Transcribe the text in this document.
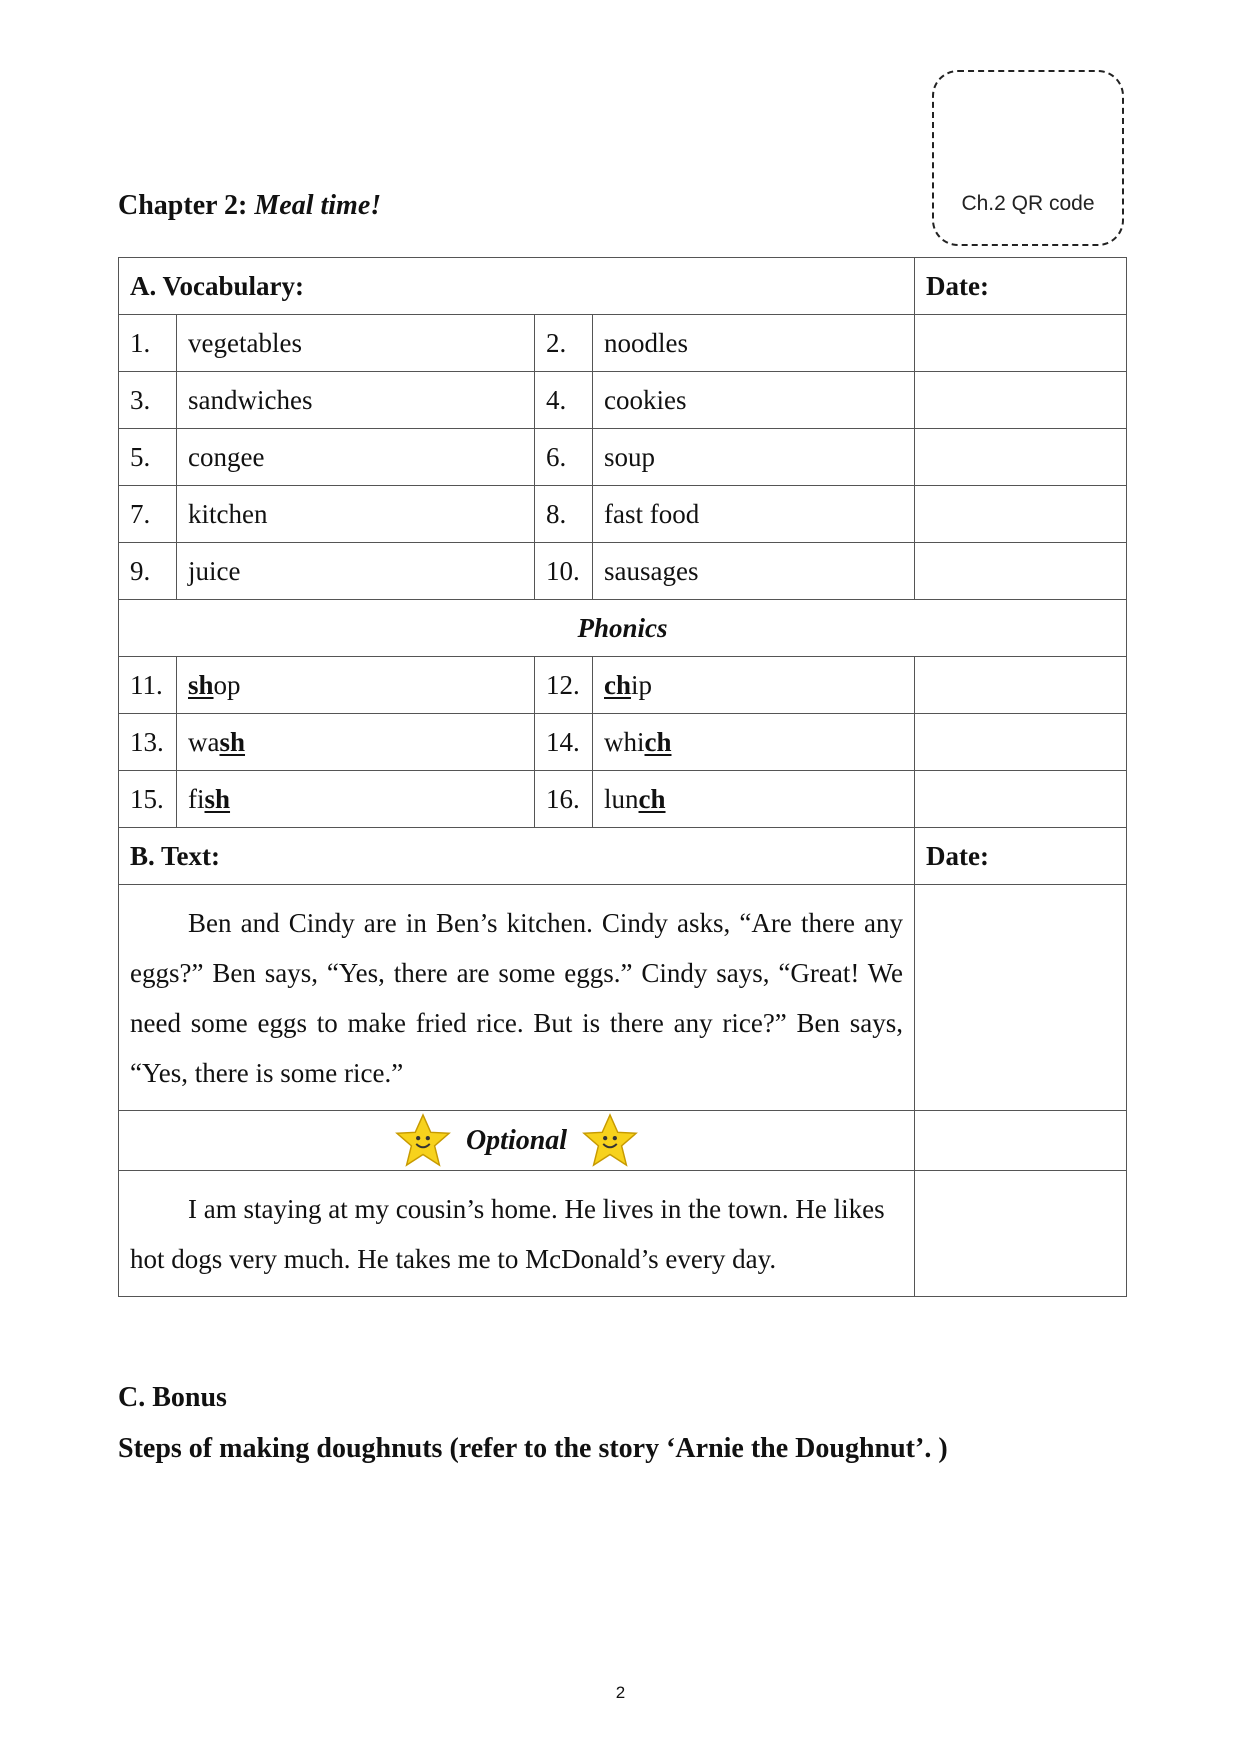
Ch.2 QR code
Chapter 2: Meal time!
A. Vocabulary:				Date:
1.	vegetables	2.	noodles	
3.	sandwiches	4.	cookies	
5.	congee	6.	soup	
7.	kitchen	8.	fast food	
9.	juice	10.	sausages	
Phonics				
11.	shop	12.	chip	
13.	wash	14.	which	
15.	fish	16.	lunch	
B. Text:				Date:
Ben and Cindy are in Ben’s kitchen. Cindy asks, “Are there any eggs?” Ben says, “Yes, there are some eggs.” Cindy says, “Great! We need some eggs to make fried rice. But is there any rice?” Ben says, “Yes, there is some rice.”				
Optional				
I am staying at my cousin’s home. He lives in the town. He likes hot dogs very much. He takes me to McDonald’s every day.				
C. Bonus
Steps of making doughnuts (refer to the story ‘Arnie the Doughnut’. )
2
